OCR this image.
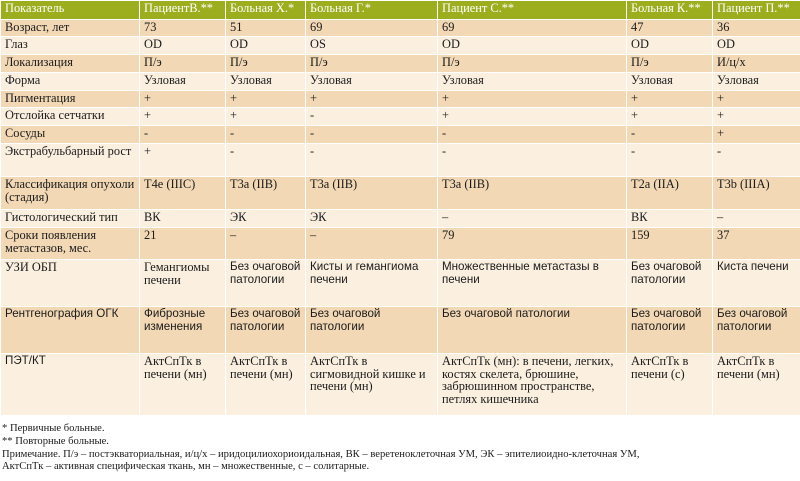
Показатель	ПациентВ.**	Больная Х.*	Больная Г.*	Пациент С.**	Больная К.**	Пациент П.**
Возраст, лет	73	51	69	69	47	36
Глаз	OD	OD	OS	OD	OD	OD
Локализация	П/э	П/э	П/э	П/э	П/э	И/ц/х
Форма	Узловая	Узловая	Узловая	Узловая	Узловая	Узловая
Пигментация	+	+	+	+	+	+
Отслойка сетчатки	+	+	-	+	+	+
Сосуды	-	-	-	-	-	+
Экстрабульбарный рост	+	-	-	-	-	-
Классификация опухоли (стадия)	T4e (IIIC)	T3a (IIB)	T3a (IIB)	T3a (IIB)	T2a (IIA)	T3b (IIIA)
Гистологический тип	ВК	ЭК	ЭК	–	ВК	–
Сроки появления метастазов, мес.	21	–	–	79	159	37
УЗИ ОБП	Гемангиомы печени	Без очаговой патологии	Кисты и гемангиома печени	Множественные метастазы в печени	Без очаговой патологии	Киста печени
Рентгенография ОГК	Фиброзные изменения	Без очаговой патологии	Без очаговой патологии	Без очаговой патологии	Без очаговой патологии	Без очаговой патологии
ПЭТ/КТ	АктСпТк в печени (мн)	АктСпТк в печени (мн)	АктСпТк в сигмовидной кишке и печени (мн)	АктСпТк (мн): в печени, легких, костях скелета, брюшине, забрюшинном пространстве, петлях кишечника	АктСпТк в печени (с)	АктСпТк в печени (мн)
* Первичные больные.
** Повторные больные.
Примечание. П/э – постэкваториальная, и/ц/х – иридоцилиохориоидальная, ВК – веретеноклеточная УМ, ЭК – эпителиоидно-клеточная УМ,
АктСпТк – активная специфическая ткань, мн – множественные, с – солитарные.
